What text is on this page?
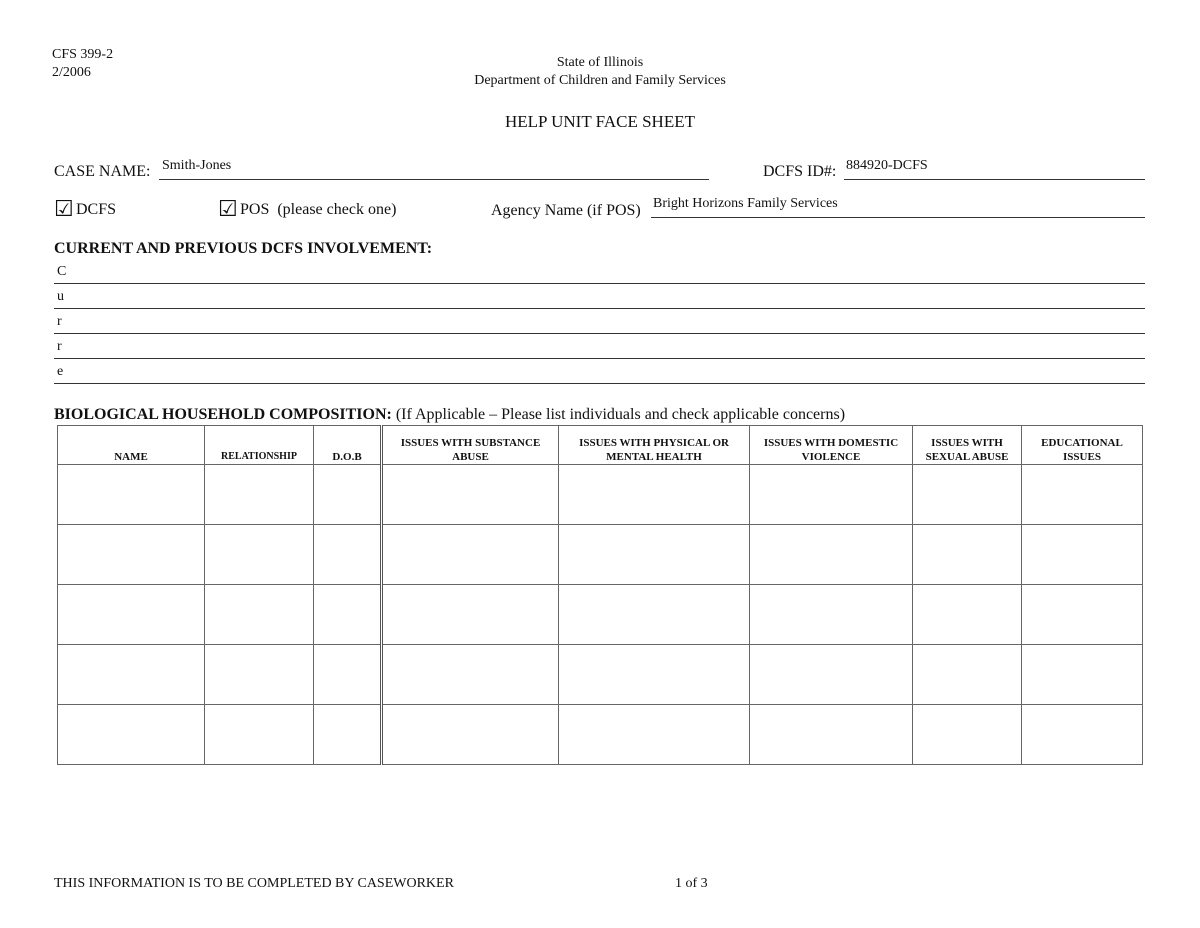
CFS 399-2
2/2006
State of Illinois
Department of Children and Family Services
HELP UNIT FACE SHEET
CASE NAME: Smith-Jones	DCFS ID#: 884920-DCFS
☑ DCFS	☑ POS  (please check one)	Agency Name (if POS) Bright Horizons Family Services
CURRENT AND PREVIOUS DCFS INVOLVEMENT:
C
u
r
r
e
BIOLOGICAL HOUSEHOLD COMPOSITION: (If Applicable – Please list individuals and check applicable concerns)
NAME	RELATIONSHIP	D.O.B	ISSUES WITH SUBSTANCE ABUSE	ISSUES WITH PHYSICAL OR MENTAL HEALTH	ISSUES WITH DOMESTIC VIOLENCE	ISSUES WITH SEXUAL ABUSE	EDUCATIONAL ISSUES

THIS INFORMATION IS TO BE COMPLETED BY CASEWORKER	1 of 3
